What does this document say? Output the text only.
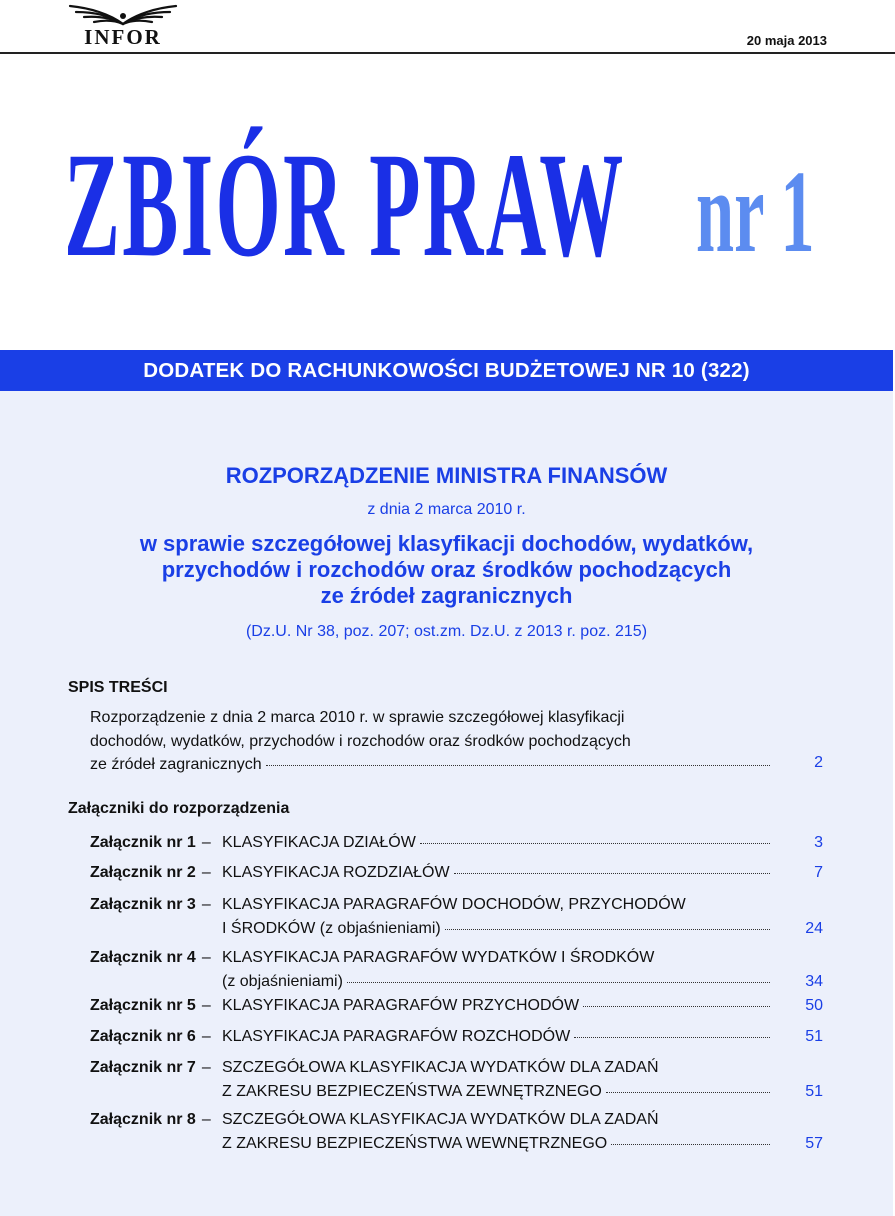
INFOR	20 maja 2013
ZBIÓR PRAW nr 1
DODATEK DO RACHUNKOWOŚCI BUDŻETOWEJ NR 10 (322)
ROZPORZĄDZENIE MINISTRA FINANSÓW
z dnia 2 marca 2010 r.
w sprawie szczegółowej klasyfikacji dochodów, wydatków,
przychodów i rozchodów oraz środków pochodzących
ze źródeł zagranicznych
(Dz.U. Nr 38, poz. 207; ost.zm. Dz.U. z 2013 r. poz. 215)
SPIS TREŚCI
Rozporządzenie z dnia 2 marca 2010 r. w sprawie szczegółowej klasyfikacji
dochodów, wydatków, przychodów i rozchodów oraz środków pochodzących
ze źródeł zagranicznych	2
Załączniki do rozporządzenia
Załącznik nr 1 – KLASYFIKACJA DZIAŁÓW	3
Załącznik nr 2 – KLASYFIKACJA ROZDZIAŁÓW	7
Załącznik nr 3 – KLASYFIKACJA PARAGRAFÓW DOCHODÓW, PRZYCHODÓW
I ŚRODKÓW (z objaśnieniami)	24
Załącznik nr 4 – KLASYFIKACJA PARAGRAFÓW WYDATKÓW I ŚRODKÓW
(z objaśnieniami)	34
Załącznik nr 5 – KLASYFIKACJA PARAGRAFÓW PRZYCHODÓW	50
Załącznik nr 6 – KLASYFIKACJA PARAGRAFÓW ROZCHODÓW	51
Załącznik nr 7 – SZCZEGÓŁOWA KLASYFIKACJA WYDATKÓW DLA ZADAŃ
Z ZAKRESU BEZPIECZEŃSTWA ZEWNĘTRZNEGO	51
Załącznik nr 8 – SZCZEGÓŁOWA KLASYFIKACJA WYDATKÓW DLA ZADAŃ
Z ZAKRESU BEZPIECZEŃSTWA WEWNĘTRZNEGO	57
